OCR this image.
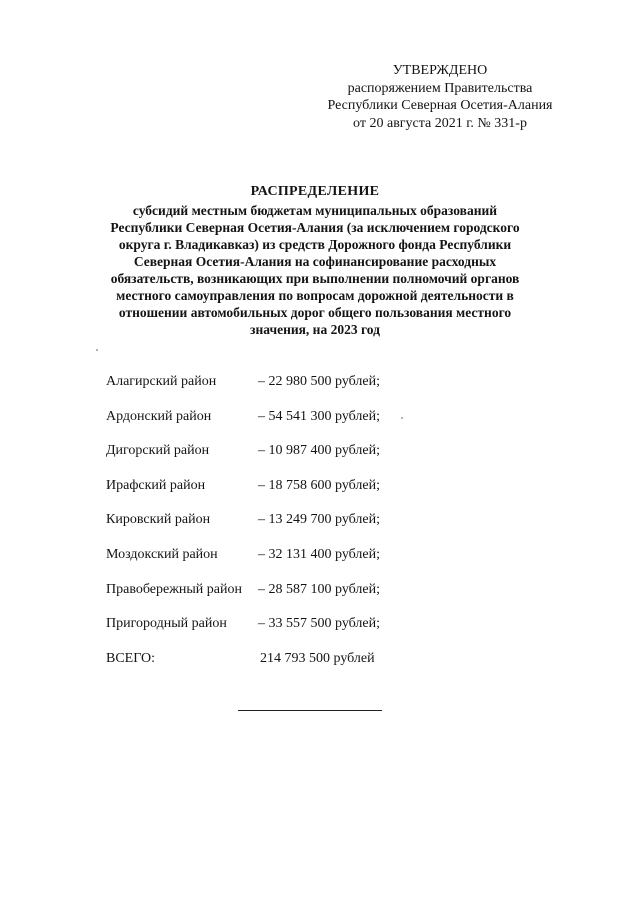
УТВЕРЖДЕНО
распоряжением Правительства
Республики Северная Осетия-Алания
от 20 августа 2021 г. № 331-р
РАСПРЕДЕЛЕНИЕ
субсидий местным бюджетам муниципальных образований
Республики Северная Осетия-Алания (за исключением городского
округа г. Владикавказ) из средств Дорожного фонда Республики
Северная Осетия-Алания на софинансирование расходных
обязательств, возникающих при выполнении полномочий органов
местного самоуправления по вопросам дорожной деятельности в
отношении автомобильных дорог общего пользования местного
значения, на 2023 год
Алагирский район	– 22 980 500 рублей;
Ардонский район	– 54 541 300 рублей;
Дигорский район	– 10 987 400 рублей;
Ирафский район	– 18 758 600 рублей;
Кировский район	– 13 249 700 рублей;
Моздокский район	– 32 131 400 рублей;
Правобережный район – 28 587 100 рублей;
Пригородный район – 33 557 500 рублей;
ВСЕГО:	214 793 500 рублей
